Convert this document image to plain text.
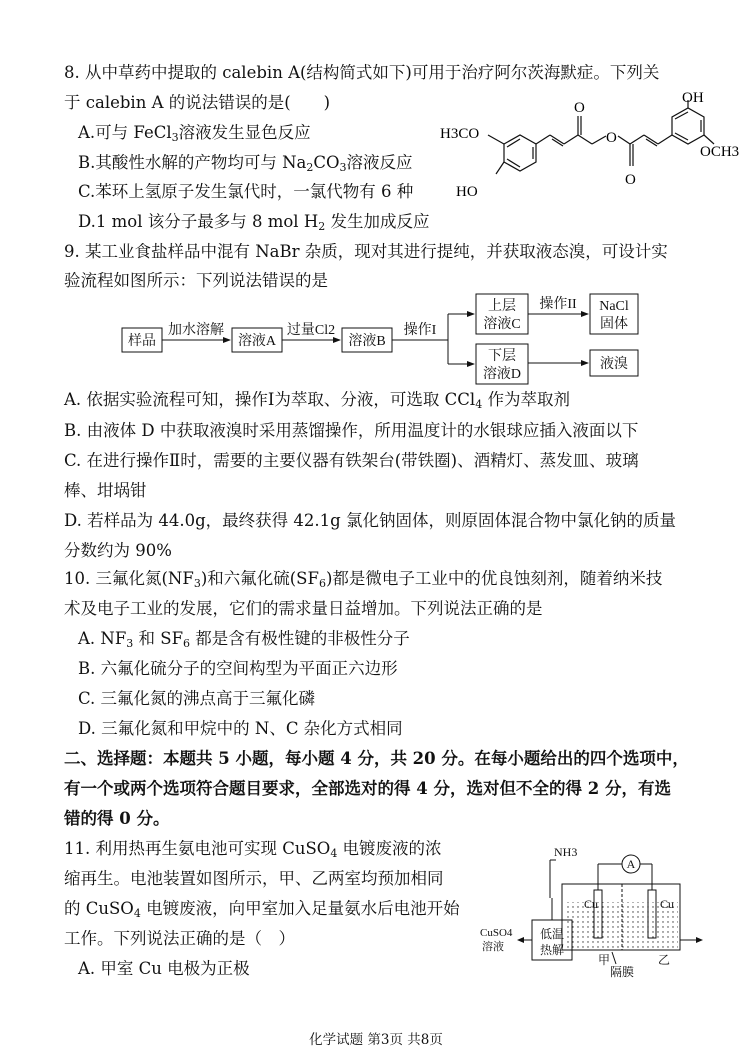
8. 从中草药中提取的 calebin A(结构简式如下)可用于治疗阿尔茨海默症。下列关
于 calebin A 的说法错误的是(　　)
A.可与 FeCl$_3$溶液发生显色反应
B.其酸性水解的产物均可与 $Na_2CO_3$溶液反应
C.苯环上氢原子发生氯代时，一氯代物有 6 种
D.1 mol 该分子最多与 8 mol $H_2$ 发生加成反应
OH
H3CO
OCH3
HO
O
O
O
9. 某工业食盐样品中混有 NaBr 杂质，现对其进行提纯，并获取液态溴，可设计实
验流程如图所示：下列说法错误的是
样品
加水溶解
溶液A
过量Cl2
溶液B
操作I
上层
溶液C
操作II NaCl
固体
下层
溶液D
液溴
A. 依据实验流程可知，操作Ⅰ为萃取、分液，可选取 CCl$_4$ 作为萃取剂
B. 由液体 D 中获取液溴时采用蒸馏操作，所用温度计的水银球应插入液面以下
C. 在进行操作Ⅱ时，需要的主要仪器有铁架台(带铁圈)、酒精灯、蒸发皿、玻璃
棒、坩埚钳
D. 若样品为 44.0g，最终获得 42.1g 氯化钠固体，则原固体混合物中氯化钠的质量
分数约为 90%
10. 三氟化氮$(NF_3)$和六氟化硫$(SF_6)$都是微电子工业中的优良蚀刻剂，随着纳米技
术及电子工业的发展，它们的需求量日益增加。下列说法正确的是
A. $NF_3$ 和 $SF_6$ 都是含有极性键的非极性分子
B. 六氟化硫分子的空间构型为平面正六边形
C. 三氟化氮的沸点高于三氟化磷
D. 三氟化氮和甲烷中的 N、C 杂化方式相同
二、选择题：本题共 5 小题，每小题 4 分，共 20 分。在每小题给出的四个选项中，
有一个或两个选项符合题目要求，全部选对的得 4 分，选对但不全的得 2 分，有选
错的得 0 分。
11. 利用热再生氨电池可实现 CuSO$_4$ 电镀废液的浓
缩再生。电池装置如图所示，甲、乙两室均预加相同
的 CuSO$_4$ 电镀废液，向甲室加入足量氨水后电池开始
工作。下列说法正确的是（　）
A. 甲室 Cu 电极为正极
NH3
A
Cu	Cu
CuSO4
溶液
低温
热解
甲	乙
隔膜
化学试题 第3页 共8页
